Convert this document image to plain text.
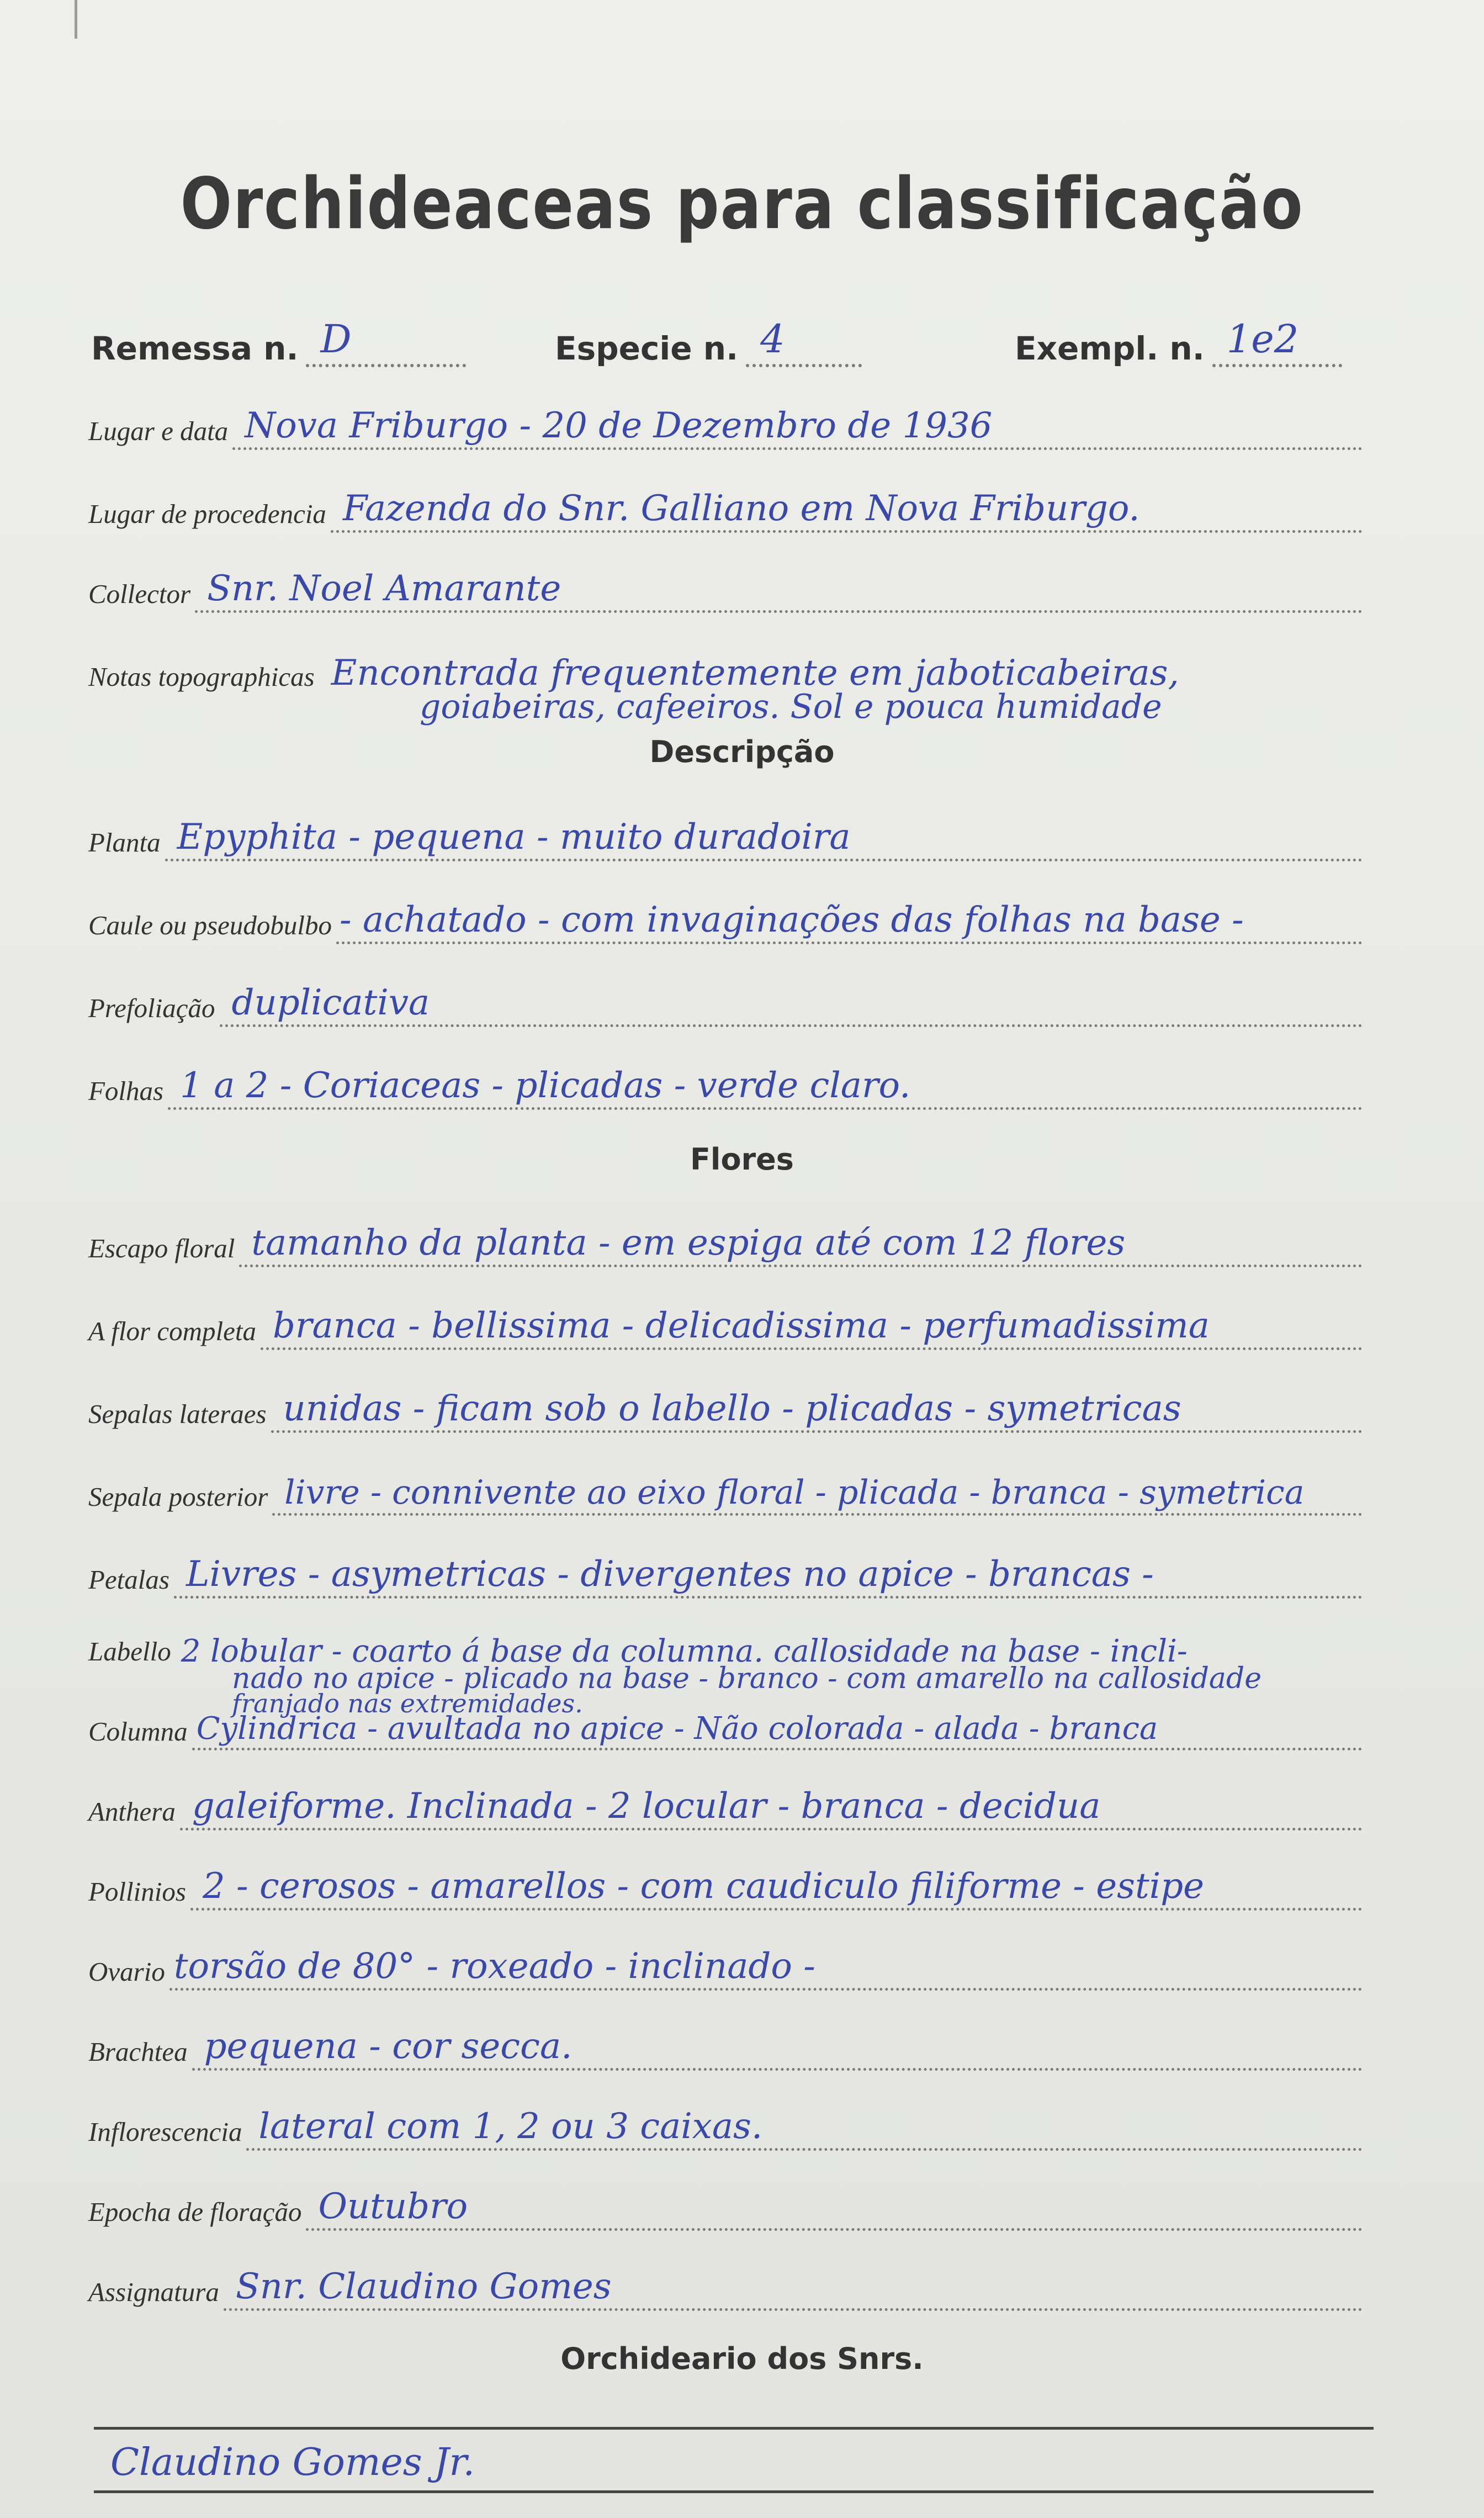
Orchideaceas para classificação
Remessa n. D	Especie n. 4	Exempl. n. 1e2
Lugar e data Nova Friburgo - 20 de Dezembro de 1936
Lugar de procedencia Fazenda do Snr. Galliano em Nova Friburgo.
Collector Snr. Noel Amarante
Notas topographicas Encontrada frequentemente em jaboticabeiras,
goiabeiras, cafeeiros. Sol e pouca humidade
Descripção
Planta Epyphita - pequena - muito duradoira
Caule ou pseudobulbo - achatado - com invaginações das folhas na base -
Prefoliação duplicativa
Folhas 1 a 2 - Coriaceas - plicadas - verde claro.
Flores
Escapo floral tamanho da planta - em espiga até com 12 flores
A flor completa branca - bellissima - delicadissima - perfumadissima
Sepalas lateraes unidas - ficam sob o labello - plicadas - symetricas
Sepala posterior livre - connivente ao eixo floral - plicada - branca - symetrica
Petalas Livres - asymetricas - divergentes no apice - brancas -
Labello 2 lobular - coarto á base da columna. callosidade na base - incli-
nado no apice - plicado na base - branco - com amarello na callosidade
franjado nas extremidades.
Columna Cylindrica - avultada no apice - Não colorada - alada - branca
Anthera galeiforme. Inclinada - 2 locular - branca - decidua
Pollinios 2 - cerosos - amarellos - com caudiculo filiforme - estipe
Ovario torsão de 80° - roxeado - inclinado -
Brachtea pequena - cor secca.
Inflorescencia lateral com 1, 2 ou 3 caixas.
Epocha de floração Outubro
Assignatura Snr. Claudino Gomes
Orchideario dos Snrs.
Claudino Gomes Jr.
